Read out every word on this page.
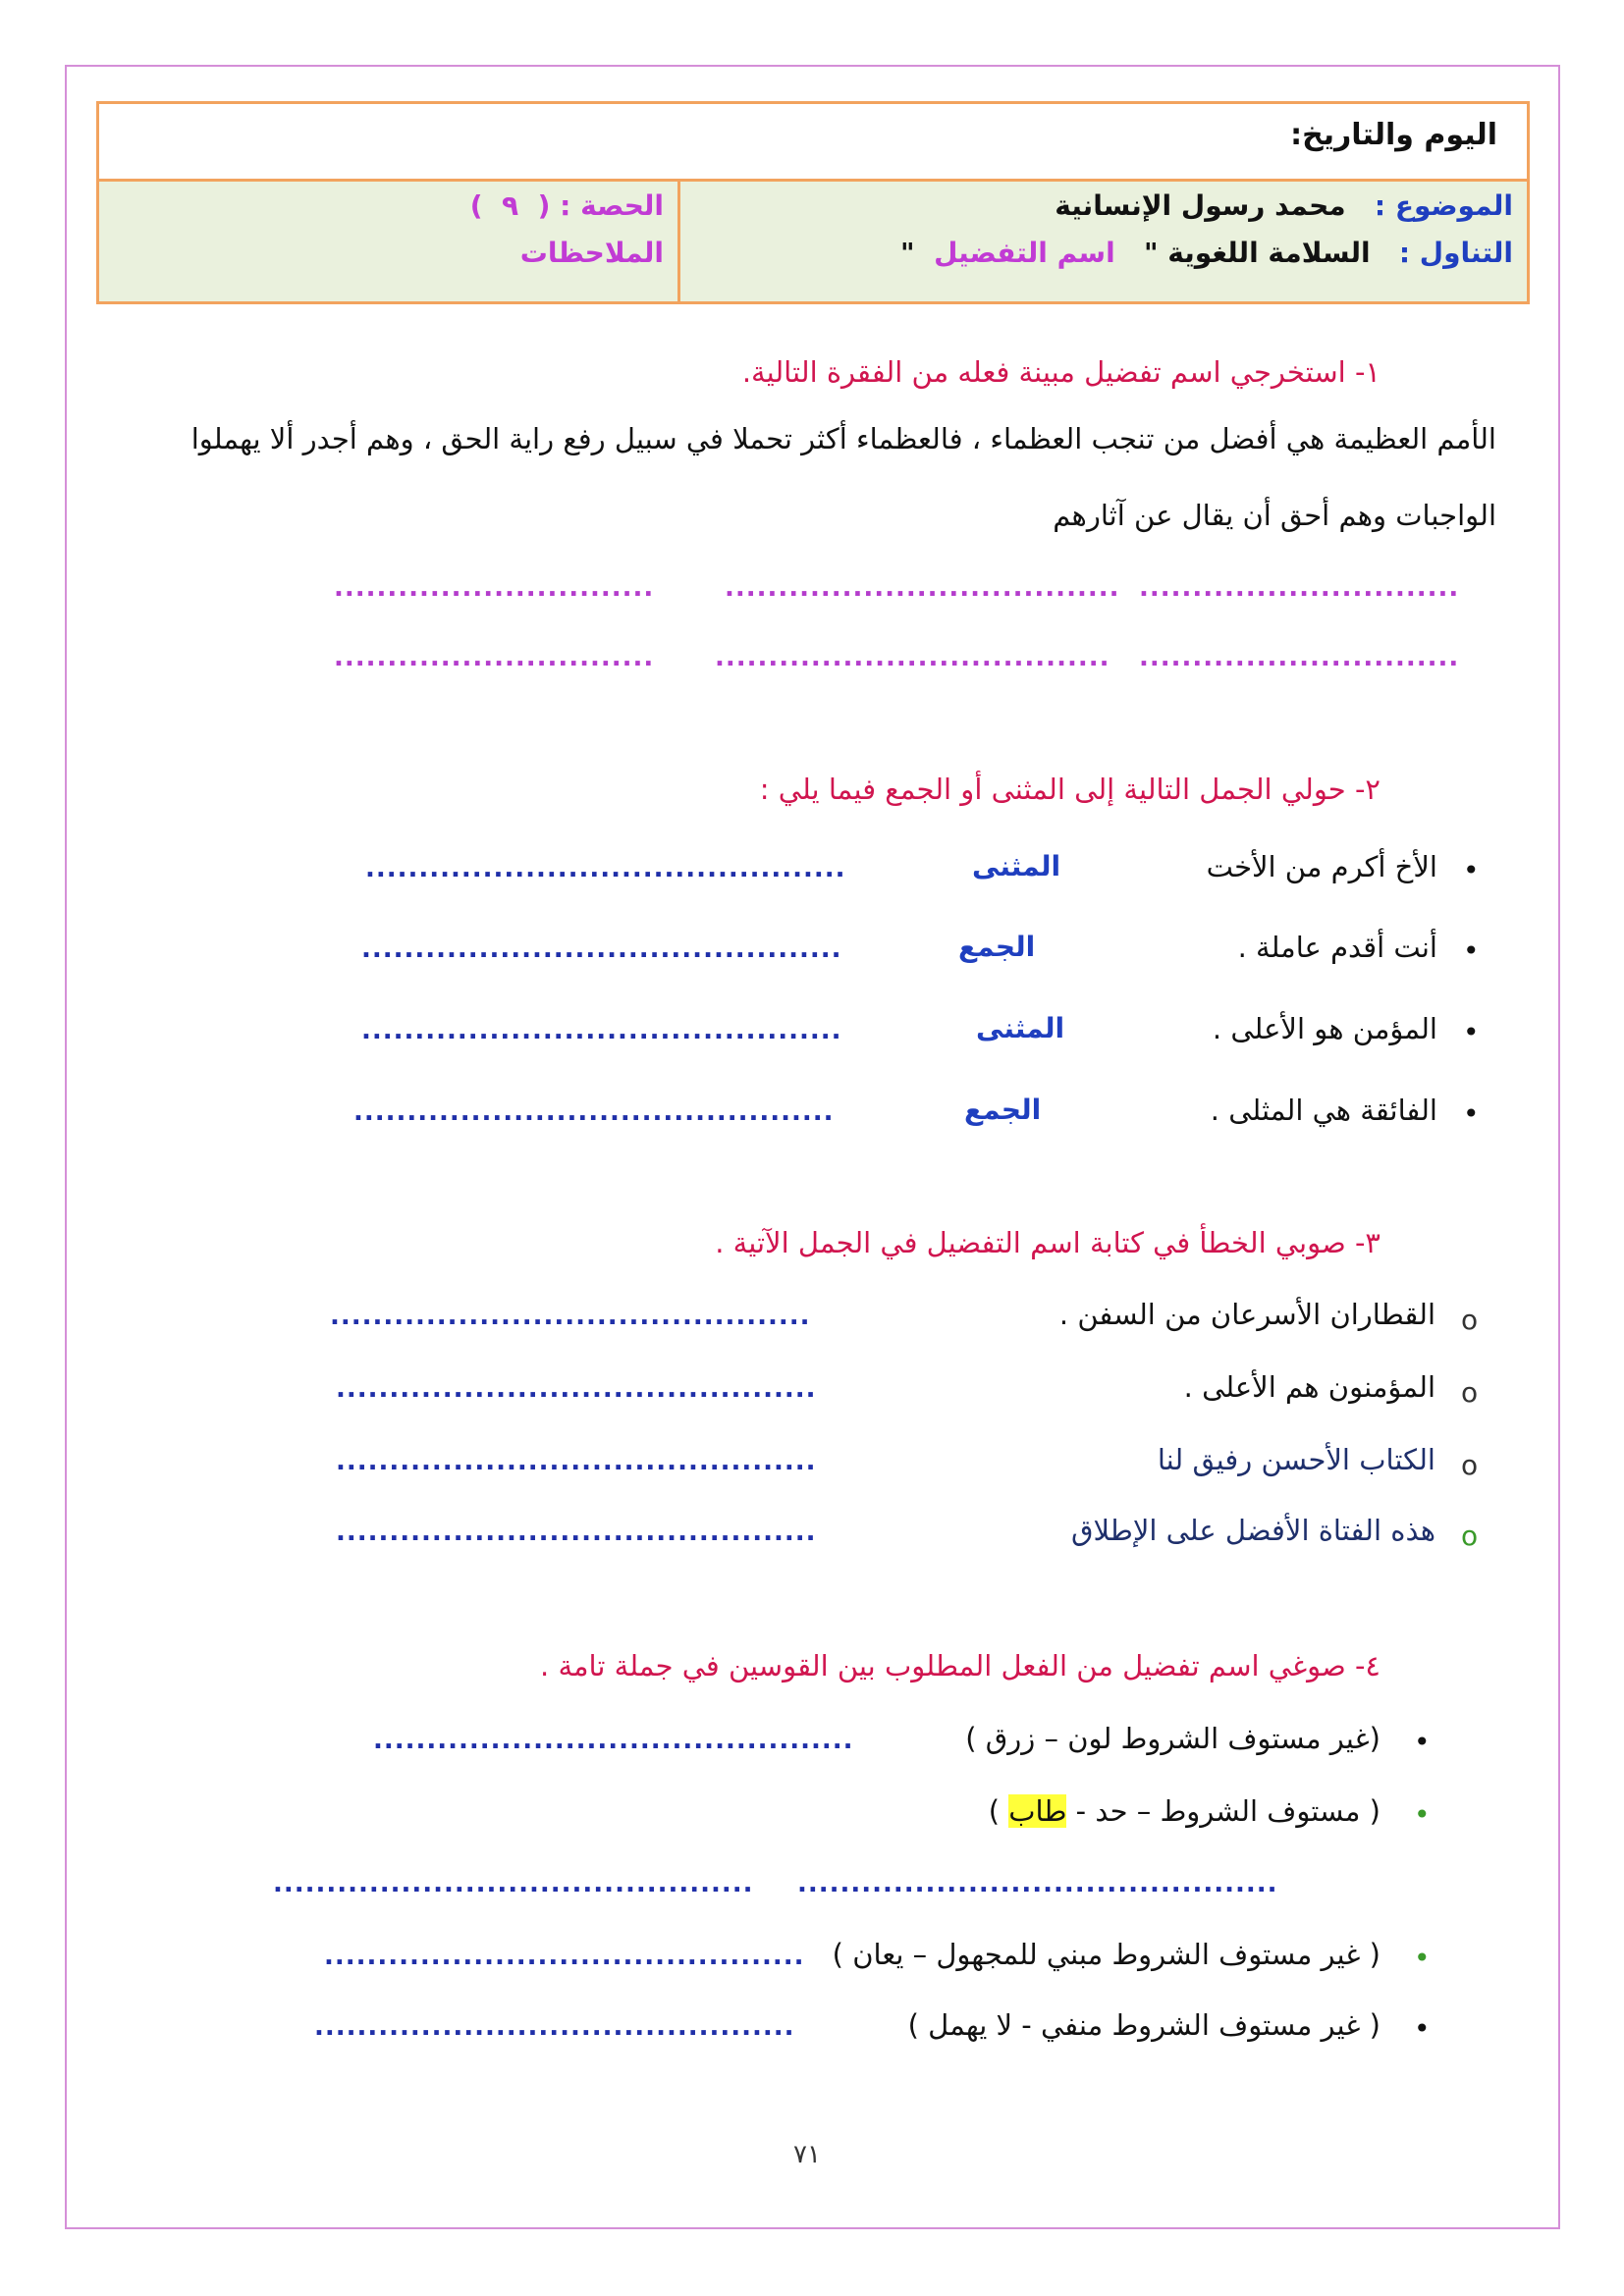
اليوم والتاريخ:
الموضوع :   محمد رسول الإنسانية
التناول :   السلامة اللغوية "   اسم التفضيل  "
الحصة : (  ٩  )
الملاحظات
١- استخرجي اسم تفضيل مبينة فعله من الفقرة التالية.
الأمم العظيمة هي أفضل من تنجب العظماء ، فالعظماء أكثر تحملا في سبيل رفع راية الحق ، وهم أجدر ألا يهملوا
الواجبات وهم أحق أن يقال عن آثارهم
..............................
.....................................
..............................
..............................
.....................................
..............................
٢- حولي الجمل التالية إلى المثنى أو الجمع فيما يلي :
•
الأخ أكرم من الأخت
المثنى
.............................................
•
أنت أقدم عاملة .
الجمع
.............................................
•
المؤمن هو الأعلى .
المثنى
.............................................
•
الفائقة هي المثلى .
الجمع
.............................................
٣- صوبي الخطأ في كتابة اسم التفضيل في الجمل الآتية .
o
القطاران الأسرعان من السفن .
.............................................
o
المؤمنون هم الأعلى .
.............................................
o
الكتاب الأحسن رفيق لنا
.............................................
o
هذه الفتاة الأفضل على الإطلاق
.............................................
٤- صوغي اسم تفضيل من الفعل المطلوب بين القوسين في جملة تامة .
•
(غير مستوف الشروط لون – زرق )
.............................................
•
( مستوف الشروط – حد - طاب )
.............................................
.............................................
•
( غير مستوف الشروط مبني للمجهول – يعان )
.............................................
•
( غير مستوف الشروط منفي - لا يهمل )
.............................................
٧١
